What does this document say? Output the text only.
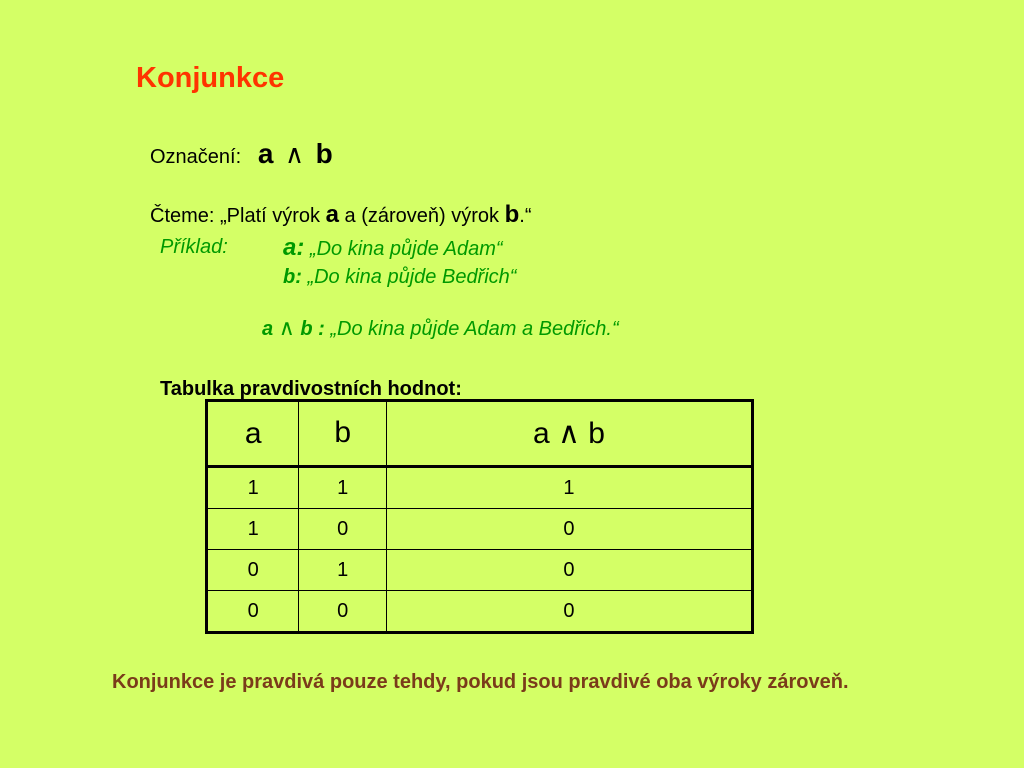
Konjunkce
Označení: a ∧ b
Čteme: „Platí výrok a a (zároveň) výrok b.“
Příklad: a: „Do kina půjde Adam“
b: „Do kina půjde Bedřich“
a ∧ b : „Do kina půjde Adam a Bedřich.“
a	b	a ∧ b
1	1	1
1	0	0
0	1	0
0	0	0
Tabulka pravdivostních hodnot:
Konjunkce je pravdivá pouze tehdy, pokud jsou pravdivé oba výroky zároveň.
